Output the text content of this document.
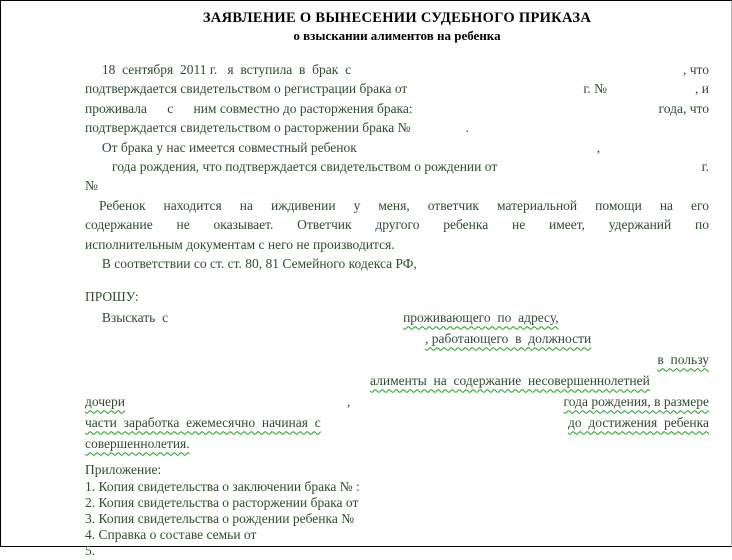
ЗАЯВЛЕНИЕ О ВЫНЕСЕНИИ СУДЕБНОГО ПРИКАЗА
о взыскании алиментов на ребенка
18  сентября  2011 г.   я  вступила  в  брак  с	, что
подтверждается свидетельством о регистрации брака от	г. №	, и
проживала      с      ним совместно до расторжения брака:	года, что
подтверждается свидетельством о расторжении брака №	.
От брака у нас имеется совместный ребенок	,
года рождения, что подтверждается свидетельством о рождении от	г.
№
Ребенок находится на иждивении у меня, ответчик материальной помощи на его
содержание не оказывает. Ответчик другого ребенка не имеет, удержаний по
исполнительным документам с него не производится.
В соответствии со ст. ст. 80, 81 Семейного кодекса РФ,
ПРОШУ:
Взыскать  с	проживающего  по  адресу,
, работающего  в  должности
в  пользу
алименты  на  содержание  несовершеннолетней
дочери	,	года рождения, в размере
части  заработка  ежемесячно  начиная  с	до  достижения  ребенка
совершеннолетия.
Приложение:
1. Копия свидетельства о заключении брака № :
2. Копия свидетельства о расторжении брака от
3. Копия свидетельства о рождении ребенка №
4. Справка о составе семьи от
5.
